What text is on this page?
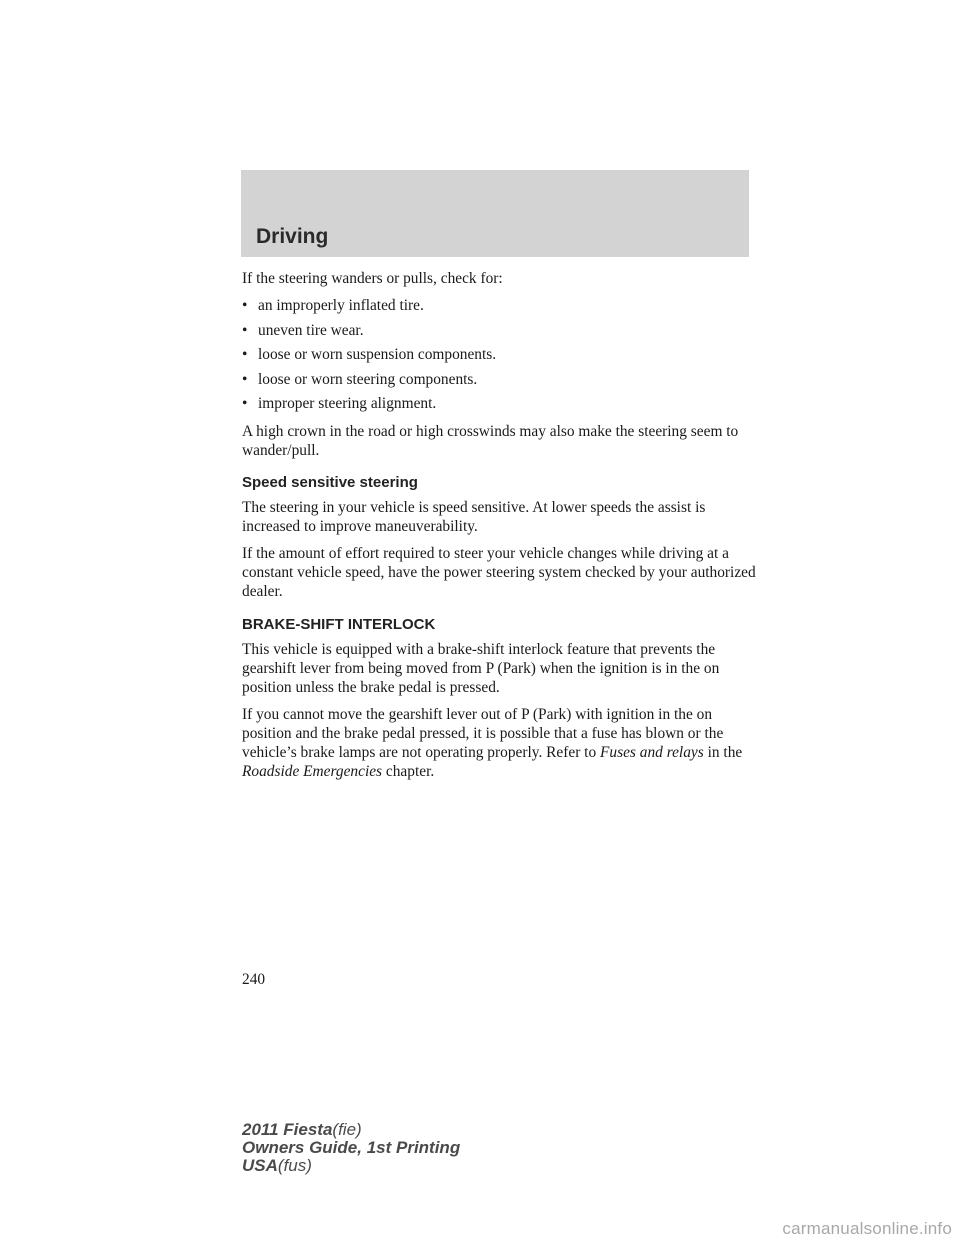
Driving

If the steering wanders or pulls, check for:

• an improperly inflated tire.
• uneven tire wear.
• loose or worn suspension components.
• loose or worn steering components.
• improper steering alignment.

A high crown in the road or high crosswinds may also make the steering seem to wander/pull.

Speed sensitive steering

The steering in your vehicle is speed sensitive. At lower speeds the assist is increased to improve maneuverability.

If the amount of effort required to steer your vehicle changes while driving at a constant vehicle speed, have the power steering system checked by your authorized dealer.

BRAKE-SHIFT INTERLOCK

This vehicle is equipped with a brake-shift interlock feature that prevents the gearshift lever from being moved from P (Park) when the ignition is in the on position unless the brake pedal is pressed.

If you cannot move the gearshift lever out of P (Park) with ignition in the on position and the brake pedal pressed, it is possible that a fuse has blown or the vehicle’s brake lamps are not operating properly. Refer to Fuses and relays in the Roadside Emergencies chapter.

240
2011 Fiesta(fie)
Owners Guide, 1st Printing
USA(fus)
carmanualsonline.info
